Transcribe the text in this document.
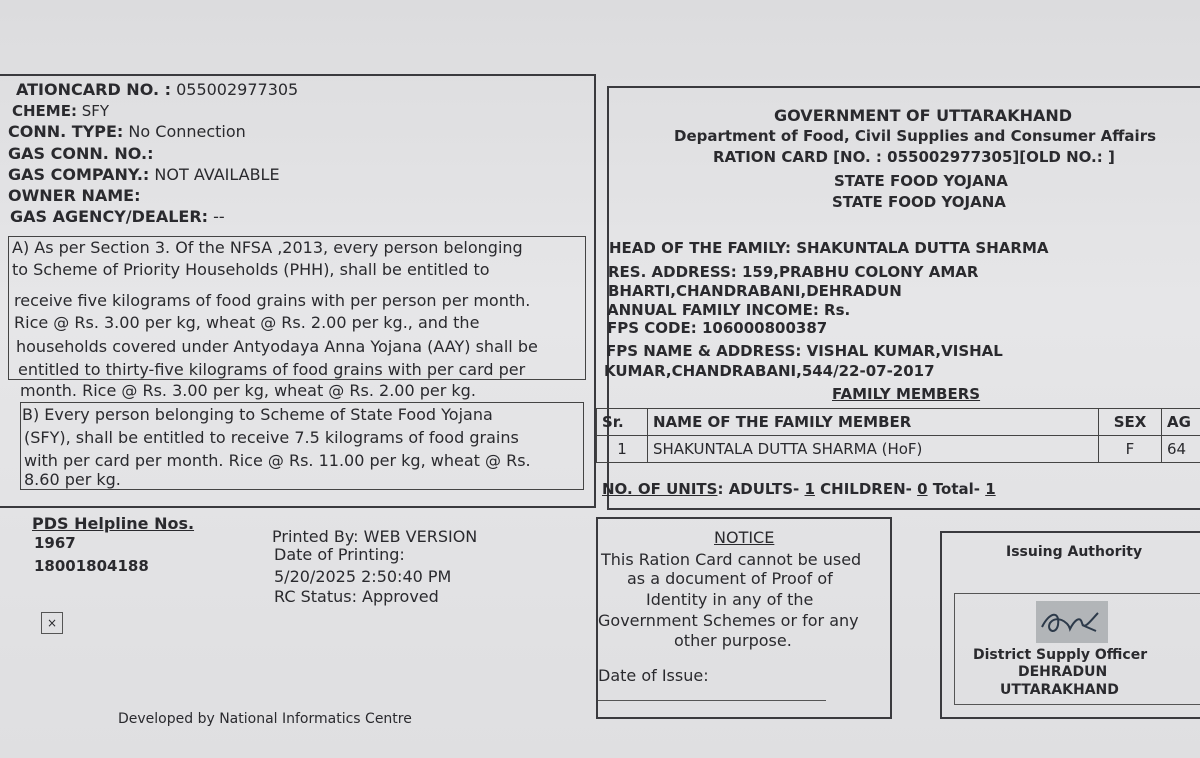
ATIONCARD NO. : 055002977305
CHEME: SFY
CONN. TYPE: No Connection
GAS CONN. NO.:
GAS COMPANY.: NOT AVAILABLE
OWNER NAME:
GAS AGENCY/DEALER: --
A) As per Section 3. Of the NFSA ,2013, every person belonging
to Scheme of Priority Households (PHH), shall be entitled to
receive five kilograms of food grains with per person per month.
Rice @ Rs. 3.00 per kg, wheat @ Rs. 2.00 per kg., and the
households covered under Antyodaya Anna Yojana (AAY) shall be
entitled to thirty-five kilograms of food grains with per card per
month. Rice @ Rs. 3.00 per kg, wheat @ Rs. 2.00 per kg.
B) Every person belonging to Scheme of State Food Yojana
(SFY), shall be entitled to receive 7.5 kilograms of food grains
with per card per month. Rice @ Rs. 11.00 per kg, wheat @ Rs.
8.60 per kg.
PDS Helpline Nos.
1967
18001804188
Printed By: WEB VERSION
Date of Printing:
5/20/2025 2:50:40 PM
RC Status: Approved
×
Developed by National Informatics Centre
GOVERNMENT OF UTTARAKHAND
Department of Food, Civil Supplies and Consumer Affairs
RATION CARD [NO. : 055002977305][OLD NO.: ]
STATE FOOD YOJANA
STATE FOOD YOJANA
HEAD OF THE FAMILY: SHAKUNTALA DUTTA SHARMA
RES. ADDRESS: 159,PRABHU COLONY AMAR
BHARTI,CHANDRABANI,DEHRADUN
ANNUAL FAMILY INCOME: Rs.
FPS CODE: 106000800387
FPS NAME & ADDRESS: VISHAL KUMAR,VISHAL
KUMAR,CHANDRABANI,544/22-07-2017
FAMILY MEMBERS
Sr.	NAME OF THE FAMILY MEMBER	SEX	AG
1	SHAKUNTALA DUTTA SHARMA (HoF)	F	64
NO. OF UNITS: ADULTS- 1 CHILDREN- 0 Total- 1
NOTICE
This Ration Card cannot be used
as a document of Proof of
Identity in any of the
Government Schemes or for any
other purpose.
Date of Issue:
Issuing Authority
District Supply Officer
DEHRADUN
UTTARAKHAND
